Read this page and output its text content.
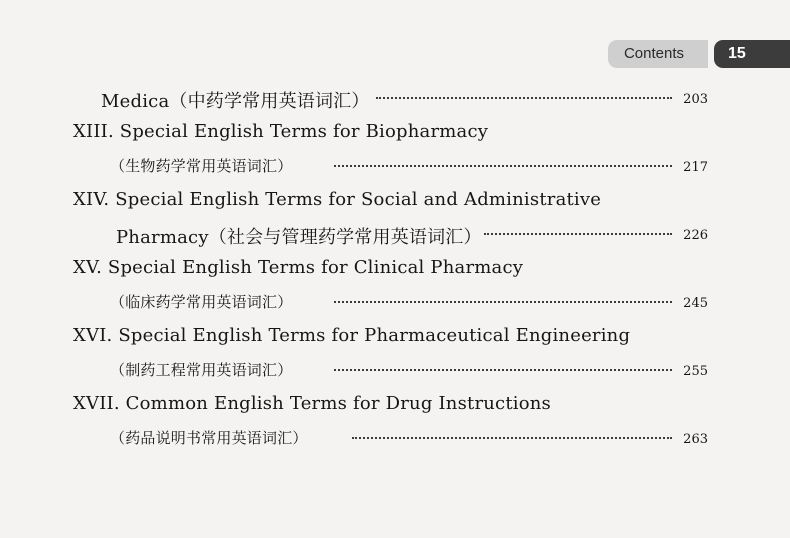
Contents	15
Medica（中药学常用英语词汇）	203
XIII. Special English Terms for Biopharmacy
（生物药学常用英语词汇）	217
XIV. Special English Terms for Social and Administrative
Pharmacy（社会与管理药学常用英语词汇）	226
XV. Special English Terms for Clinical Pharmacy
（临床药学常用英语词汇）	245
XVI. Special English Terms for Pharmaceutical Engineering
（制药工程常用英语词汇）	255
XVII. Common English Terms for Drug Instructions
（药品说明书常用英语词汇）	263
